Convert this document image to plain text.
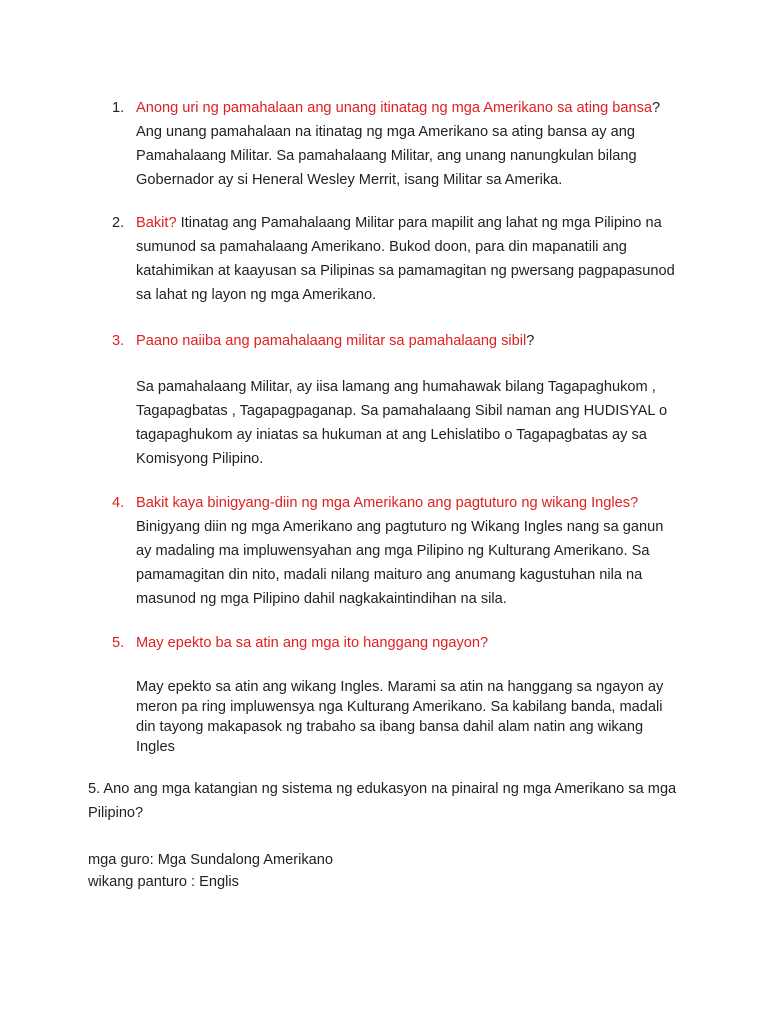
1. Anong uri ng pamahalaan ang unang itinatag ng mga Amerikano sa ating bansa? Ang unang pamahalaan na itinatag ng mga Amerikano sa ating bansa ay ang Pamahalaang Militar. Sa pamahalaang Militar, ang unang nanungkulan bilang Gobernador ay si Heneral Wesley Merrit, isang Militar sa Amerika.
2. Bakit? Itinatag ang Pamahalaang Militar para mapilit ang lahat ng mga Pilipino na sumunod sa pamahalaang Amerikano. Bukod doon, para din mapanatili ang katahimikan at kaayusan sa Pilipinas sa pamamagitan ng pwersang pagpapasunod sa lahat ng layon ng mga Amerikano.
3. Paano naiiba ang pamahalaang militar sa pamahalaang sibil?
Sa pamahalaang Militar, ay iisa lamang ang humahawak bilang Tagapaghukom , Tagapagbatas , Tagapagpaganap. Sa pamahalaang Sibil naman ang HUDISYAL o tagapaghukom ay iniatas sa hukuman at ang Lehislatibo o Tagapagbatas ay sa Komisyong Pilipino.
4. Bakit kaya binigyang-diin ng mga Amerikano ang pagtuturo ng wikang Ingles? Binigyang diin ng mga Amerikano ang pagtuturo ng Wikang Ingles nang sa ganun ay madaling ma impluwensyahan ang mga Pilipino ng Kulturang Amerikano. Sa pamamagitan din nito, madali nilang maituro ang anumang kagustuhan nila na masunod ng mga Pilipino dahil nagkakaintindihan na sila.
5. May epekto ba sa atin ang mga ito hanggang ngayon?
May epekto sa atin ang wikang Ingles. Marami sa atin na hanggang sa ngayon ay meron pa ring impluwensya nga Kulturang Amerikano. Sa kabilang banda, madali din tayong makapasok ng trabaho sa ibang bansa dahil alam natin ang wikang Ingles
5. Ano ang mga katangian ng sistema ng edukasyon na pinairal ng mga Amerikano sa mga Pilipino?
mga guro: Mga Sundalong Amerikano
wikang panturo : Englis
